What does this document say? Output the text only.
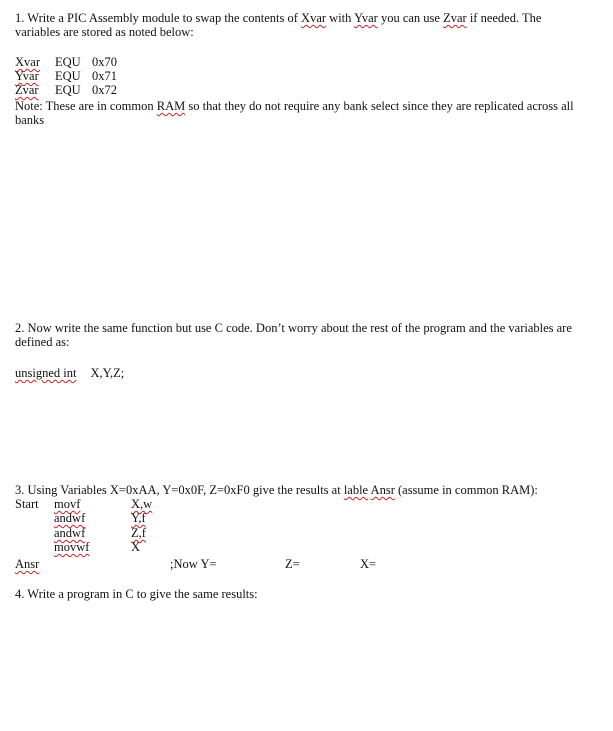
1. Write a PIC Assembly module to swap the contents of Xvar with Yvar you can use Zvar if needed. The variables are stored as noted below:
Xvar EQU 0x70
Yvar EQU 0x71
Zvar EQU 0x72
Note: These are in common RAM so that they do not require any bank select since they are replicated across all banks
2. Now write the same function but use C code. Don’t worry about the rest of the program and the variables are defined as:
unsigned int X,Y,Z;
3. Using Variables X=0xAA, Y=0x0F, Z=0xF0 give the results at lable Ansr (assume in common RAM):
Start movf	X,w
andwf	Y,f
andwf	Z,f
movwf	X
Ansr	;Now Y=	Z=	X=
4. Write a program in C to give the same results:
